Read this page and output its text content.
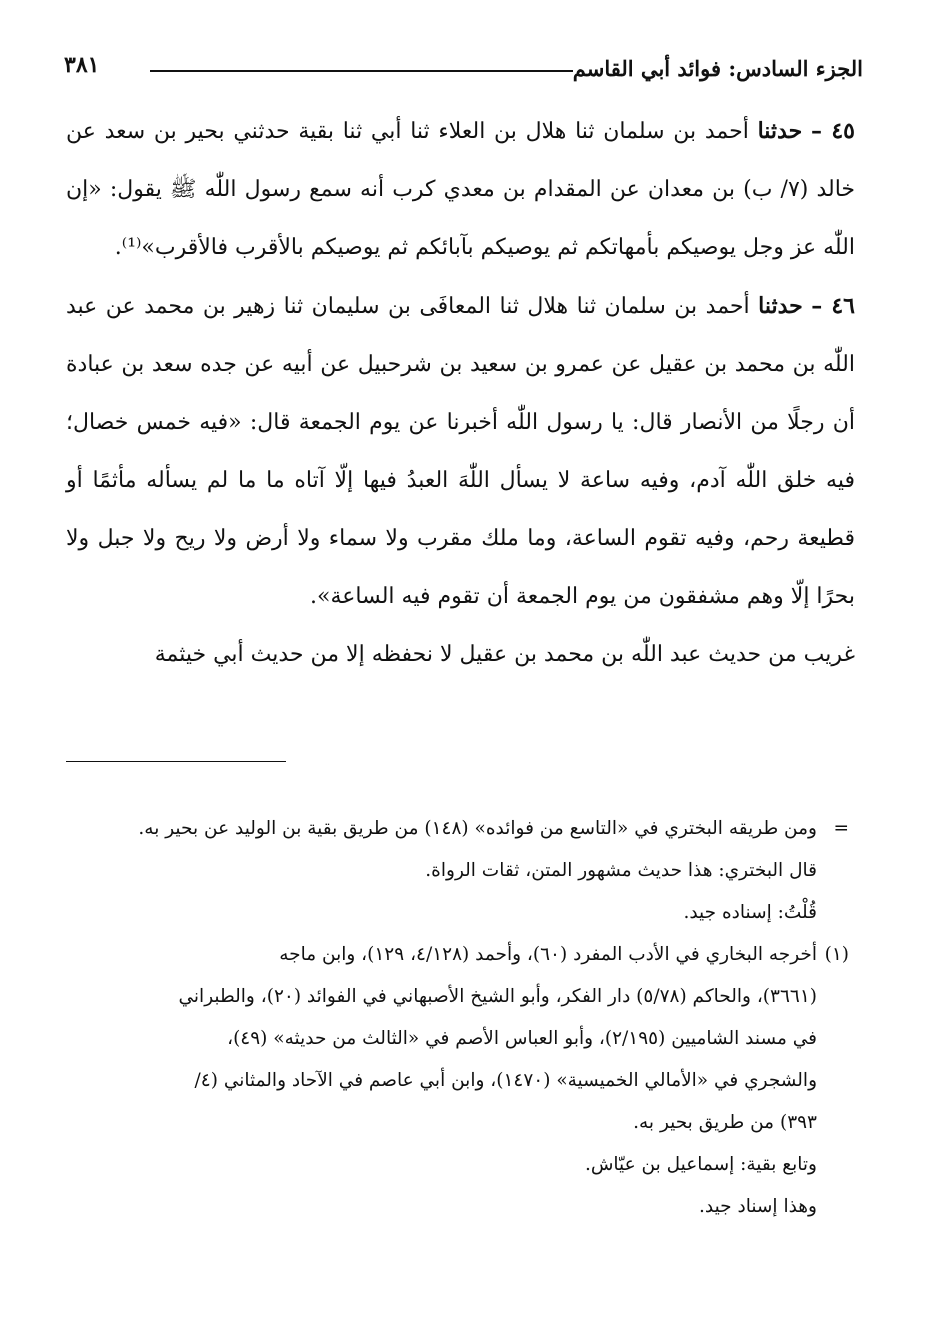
الجزء السادس: فوائد أبي القاسم
٣٨١

٤٥ – حدثنا أحمد بن سلمان ثنا هلال بن العلاء ثنا أبي ثنا بقية حدثني بحير بن سعد عن خالد (٧/ ب) بن معدان عن المقدام بن معدي كرب أنه سمع رسول اللّٰه ﷺ يقول: «إن اللّٰه عز وجل يوصيكم بأمهاتكم ثم يوصيكم بآبائكم ثم يوصيكم بالأقرب فالأقرب»⁽¹⁾.

٤٦ – حدثنا أحمد بن سلمان ثنا هلال ثنا المعافَى بن سليمان ثنا زهير بن محمد عن عبد اللّٰه بن محمد بن عقيل عن عمرو بن سعيد بن شرحبيل عن أبيه عن جده سعد بن عبادة أن رجلًا من الأنصار قال: يا رسول اللّٰه أخبرنا عن يوم الجمعة قال: «فيه خمس خصال؛ فيه خلق اللّٰه آدم، وفيه ساعة لا يسأل اللّٰهَ العبدُ فيها إلّا آتاه ما ما لم يسأله مأثمًا أو قطيعة رحم، وفيه تقوم الساعة، وما ملك مقرب ولا سماء ولا أرض ولا ريح ولا جبل ولا بحرًا إلّا وهم مشفقون من يوم الجمعة أن تقوم فيه الساعة».

غريب من حديث عبد اللّٰه بن محمد بن عقيل لا نحفظه إلا من حديث أبي خيثمة

=ومن طريقه البختري في «التاسع من فوائده» (١٤٨) من طريق بقية بن الوليد عن بحير به.

قال البختري: هذا حديث مشهور المتن، ثقات الرواة.

قُلْتُ: إسناده جيد.

(١)أخرجه البخاري في الأدب المفرد (٦٠)، وأحمد (٤/١٢٨، ١٢٩)، وابن ماجه

(٣٦٦١)، والحاكم (٥/٧٨) دار الفكر، وأبو الشيخ الأصبهاني في الفوائد (٢٠)، والطبراني

في مسند الشاميين (٢/١٩٥)، وأبو العباس الأصم في «الثالث من حديثه» (٤٩)،

والشجري في «الأمالي الخميسية» (١٤٧٠)، وابن أبي عاصم في الآحاد والمثاني (٤/

٣٩٣) من طريق بحير به.

وتابع بقية: إسماعيل بن عيّاش.

وهذا إسناد جيد.
